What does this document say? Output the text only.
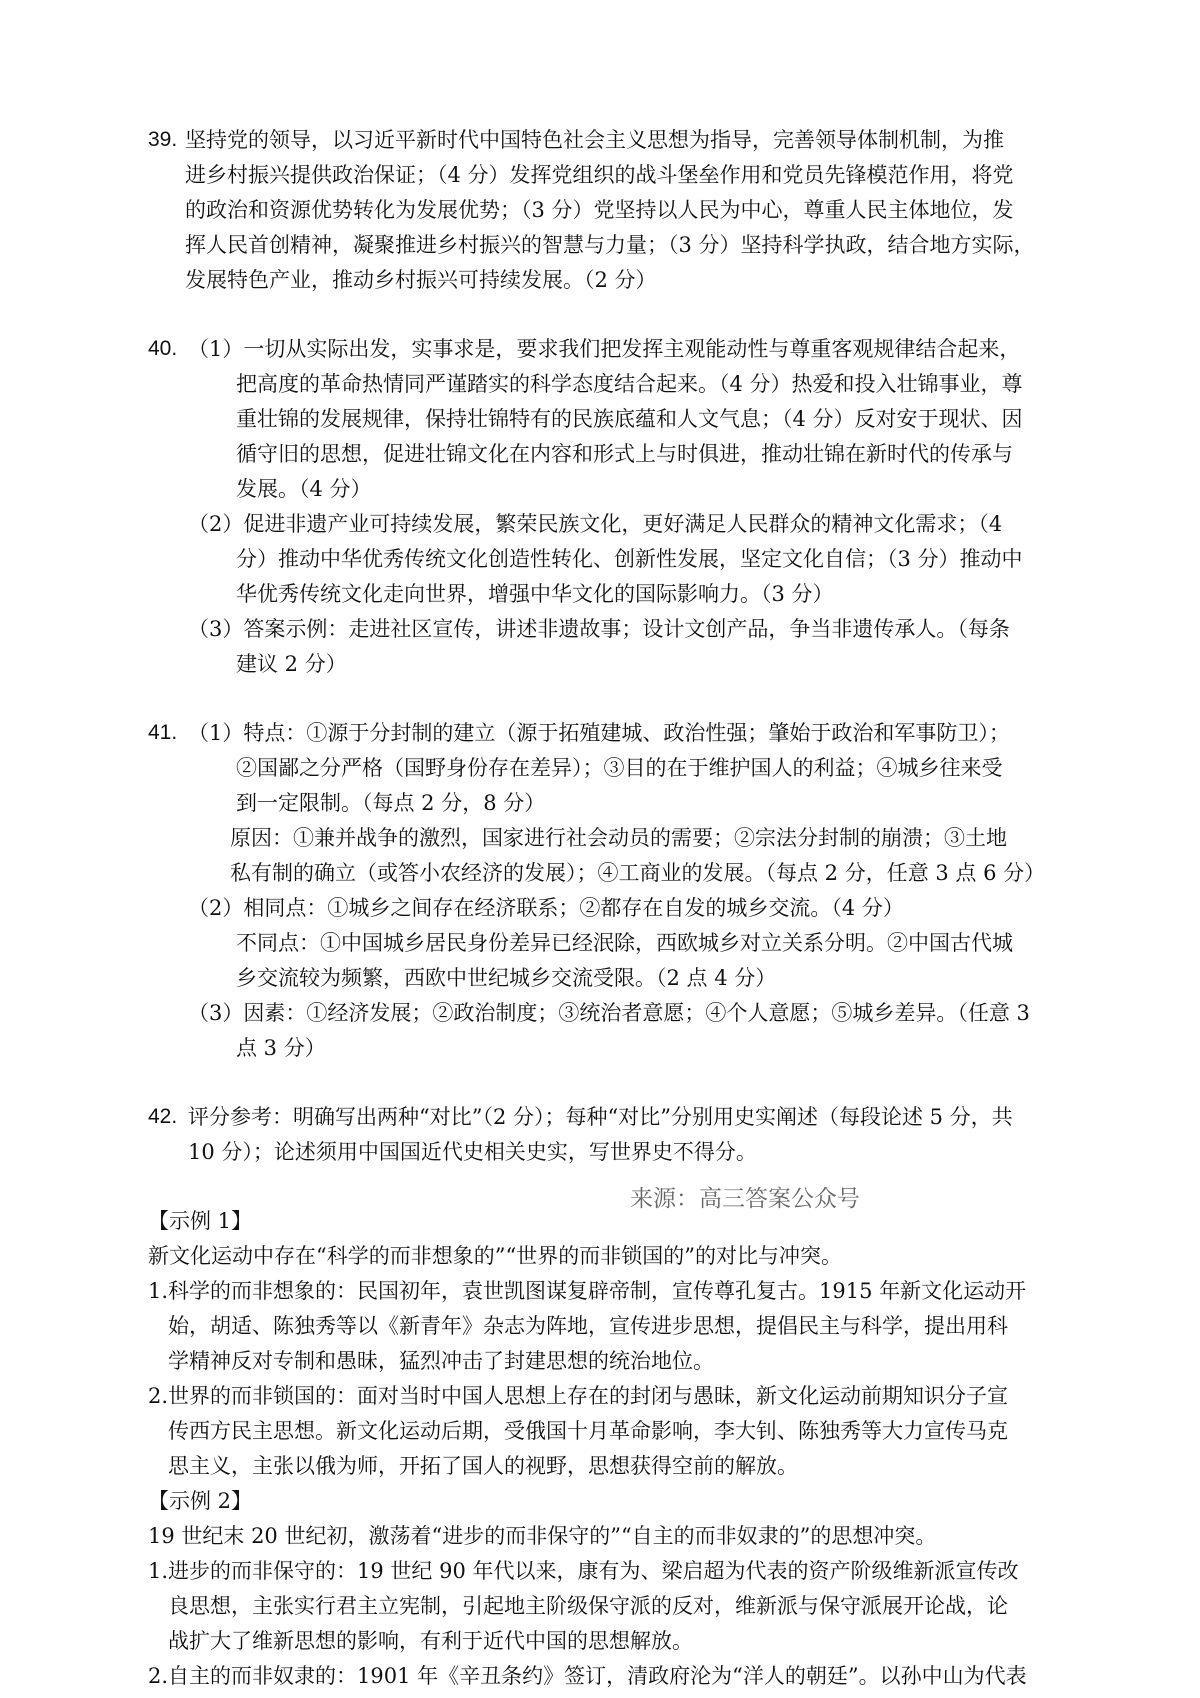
39. 坚持党的领导，以习近平新时代中国特色社会主义思想为指导，完善领导体制机制，为推
进乡村振兴提供政治保证；（4 分）发挥党组织的战斗堡垒作用和党员先锋模范作用，将党
的政治和资源优势转化为发展优势；（3 分）党坚持以人民为中心，尊重人民主体地位，发
挥人民首创精神，凝聚推进乡村振兴的智慧与力量；（3 分）坚持科学执政，结合地方实际，
发展特色产业，推动乡村振兴可持续发展。（2 分）
40. （1）一切从实际出发，实事求是，要求我们把发挥主观能动性与尊重客观规律结合起来，
把高度的革命热情同严谨踏实的科学态度结合起来。（4 分）热爱和投入壮锦事业，尊
重壮锦的发展规律，保持壮锦特有的民族底蕴和人文气息；（4 分）反对安于现状、因
循守旧的思想，促进壮锦文化在内容和形式上与时俱进，推动壮锦在新时代的传承与
发展。（4 分）
（2）促进非遗产业可持续发展，繁荣民族文化，更好满足人民群众的精神文化需求；（4
分）推动中华优秀传统文化创造性转化、创新性发展，坚定文化自信；（3 分）推动中
华优秀传统文化走向世界，增强中华文化的国际影响力。（3 分）
（3）答案示例：走进社区宣传，讲述非遗故事；设计文创产品，争当非遗传承人。（每条
建议 2 分）
41. （1）特点：①源于分封制的建立（源于拓殖建城、政治性强；肇始于政治和军事防卫）；
②国鄙之分严格（国野身份存在差异）；③目的在于维护国人的利益；④城乡往来受
到一定限制。（每点 2 分，8 分）
原因：①兼并战争的激烈，国家进行社会动员的需要；②宗法分封制的崩溃；③土地
私有制的确立（或答小农经济的发展）；④工商业的发展。（每点 2 分，任意 3 点 6 分）
（2）相同点：①城乡之间存在经济联系；②都存在自发的城乡交流。（4 分）
不同点：①中国城乡居民身份差异已经泯除，西欧城乡对立关系分明。②中国古代城
乡交流较为频繁，西欧中世纪城乡交流受限。（2 点 4 分）
（3）因素：①经济发展；②政治制度；③统治者意愿；④个人意愿；⑤城乡差异。（任意 3
点 3 分）
42. 评分参考：明确写出两种“对比”（2 分）；每种“对比”分别用史实阐述（每段论述 5 分，共
10 分）；论述须用中国国近代史相关史实，写世界史不得分。
【示例 1】
新文化运动中存在“科学的而非想象的”“世界的而非锁国的”的对比与冲突。
1.科学的而非想象的：民国初年，袁世凯图谋复辟帝制，宣传尊孔复古。1915 年新文化运动开
始，胡适、陈独秀等以《新青年》杂志为阵地，宣传进步思想，提倡民主与科学，提出用科
学精神反对专制和愚昧，猛烈冲击了封建思想的统治地位。
2.世界的而非锁国的：面对当时中国人思想上存在的封闭与愚昧，新文化运动前期知识分子宣
传西方民主思想。新文化运动后期，受俄国十月革命影响，李大钊、陈独秀等大力宣传马克
思主义，主张以俄为师，开拓了国人的视野，思想获得空前的解放。
【示例 2】
19 世纪末 20 世纪初，激荡着“进步的而非保守的”“自主的而非奴隶的”的思想冲突。
1.进步的而非保守的：19 世纪 90 年代以来，康有为、梁启超为代表的资产阶级维新派宣传改
良思想，主张实行君主立宪制，引起地主阶级保守派的反对，维新派与保守派展开论战，论
战扩大了维新思想的影响，有利于近代中国的思想解放。
2.自主的而非奴隶的：1901 年《辛丑条约》签订，清政府沦为“洋人的朝廷”。以孙中山为代表
来源：高三答案公众号
